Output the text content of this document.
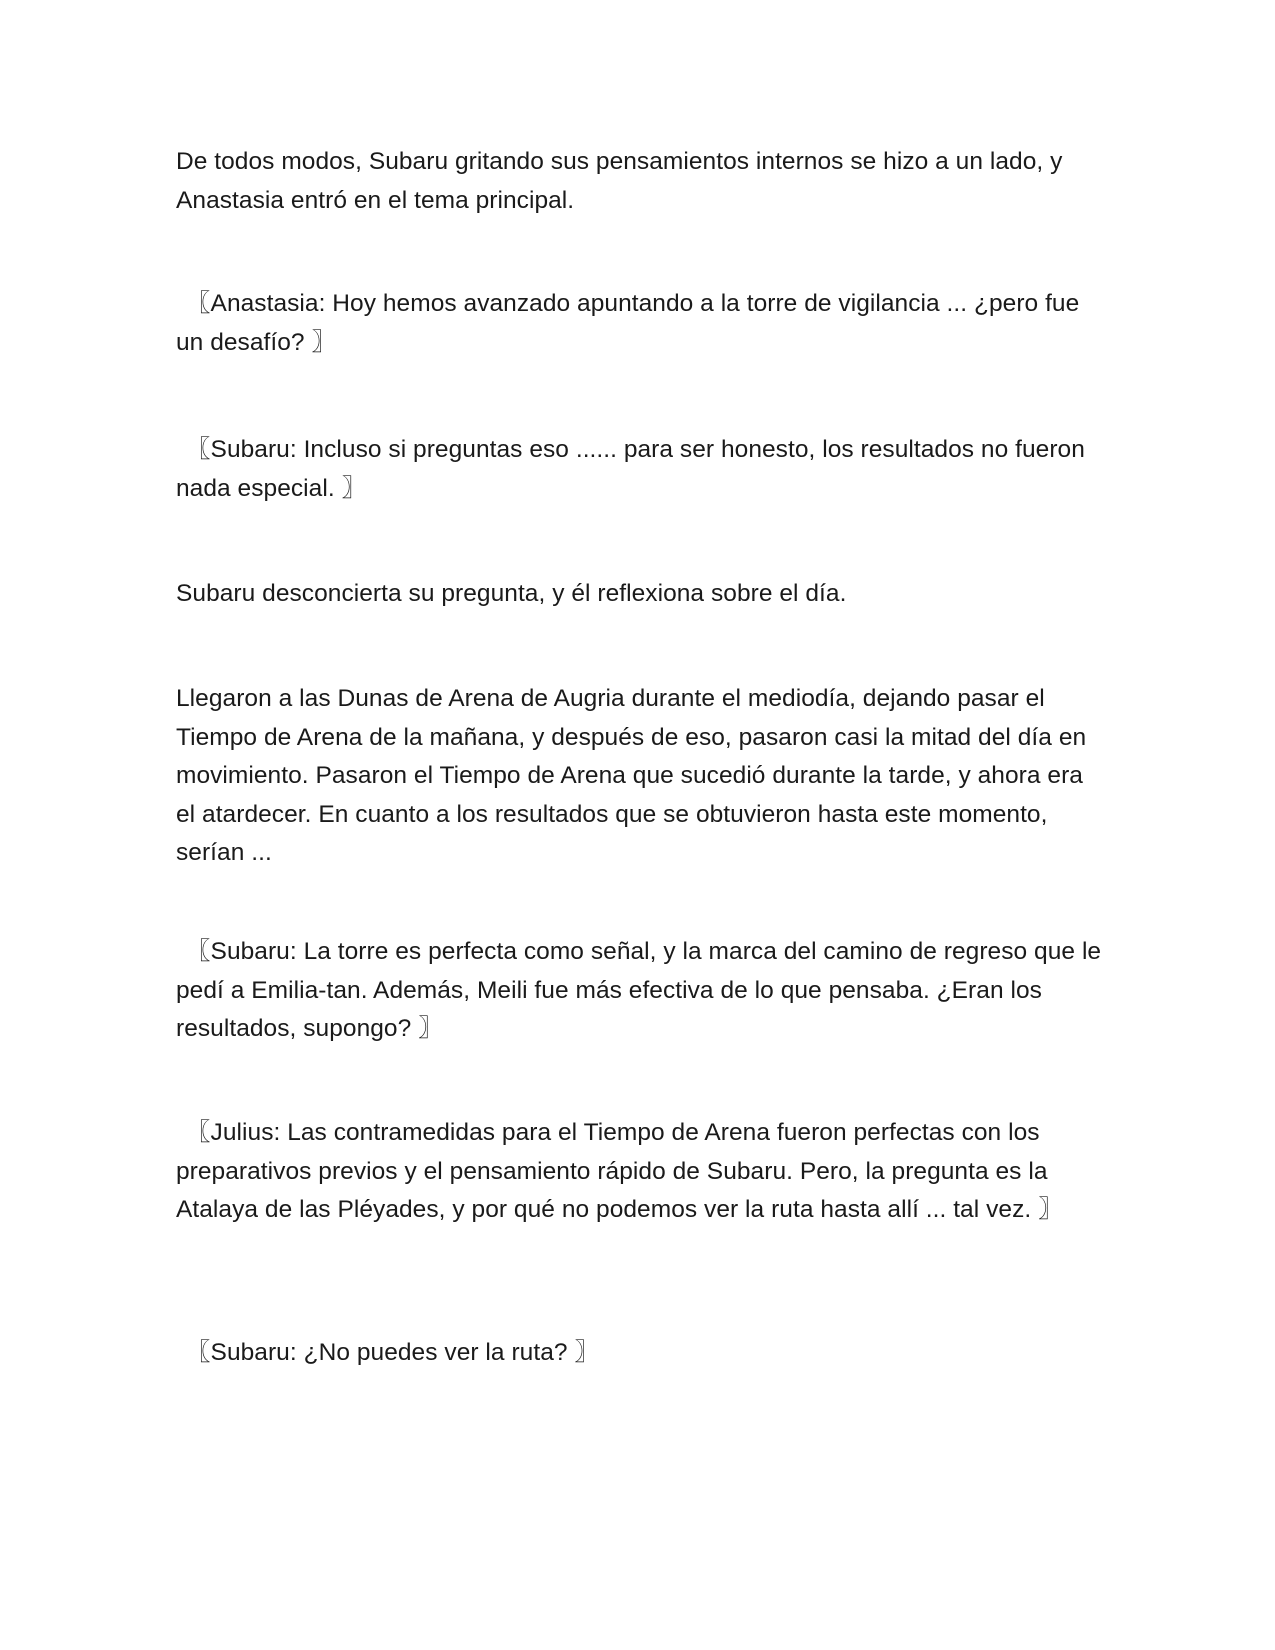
De todos modos, Subaru gritando sus pensamientos internos se hizo a un lado, y Anastasia entró en el tema principal.

〖Anastasia: Hoy hemos avanzado apuntando a la torre de vigilancia ... ¿pero fue un desafío? 〗

〖Subaru: Incluso si preguntas eso ...... para ser honesto, los resultados no fueron nada especial. 〗

Subaru desconcierta su pregunta, y él reflexiona sobre el día.

Llegaron a las Dunas de Arena de Augria durante el mediodía, dejando pasar el Tiempo de Arena de la mañana, y después de eso, pasaron casi la mitad del día en movimiento. Pasaron el Tiempo de Arena que sucedió durante la tarde, y ahora era el atardecer. En cuanto a los resultados que se obtuvieron hasta este momento, serían ...

〖Subaru: La torre es perfecta como señal, y la marca del camino de regreso que le pedí a Emilia-tan. Además, Meili fue más efectiva de lo que pensaba. ¿Eran los resultados, supongo? 〗

〖Julius: Las contramedidas para el Tiempo de Arena fueron perfectas con los preparativos previos y el pensamiento rápido de Subaru. Pero, la pregunta es la Atalaya de las Pléyades, y por qué no podemos ver la ruta hasta allí ... tal vez. 〗

〖Subaru: ¿No puedes ver la ruta? 〗
